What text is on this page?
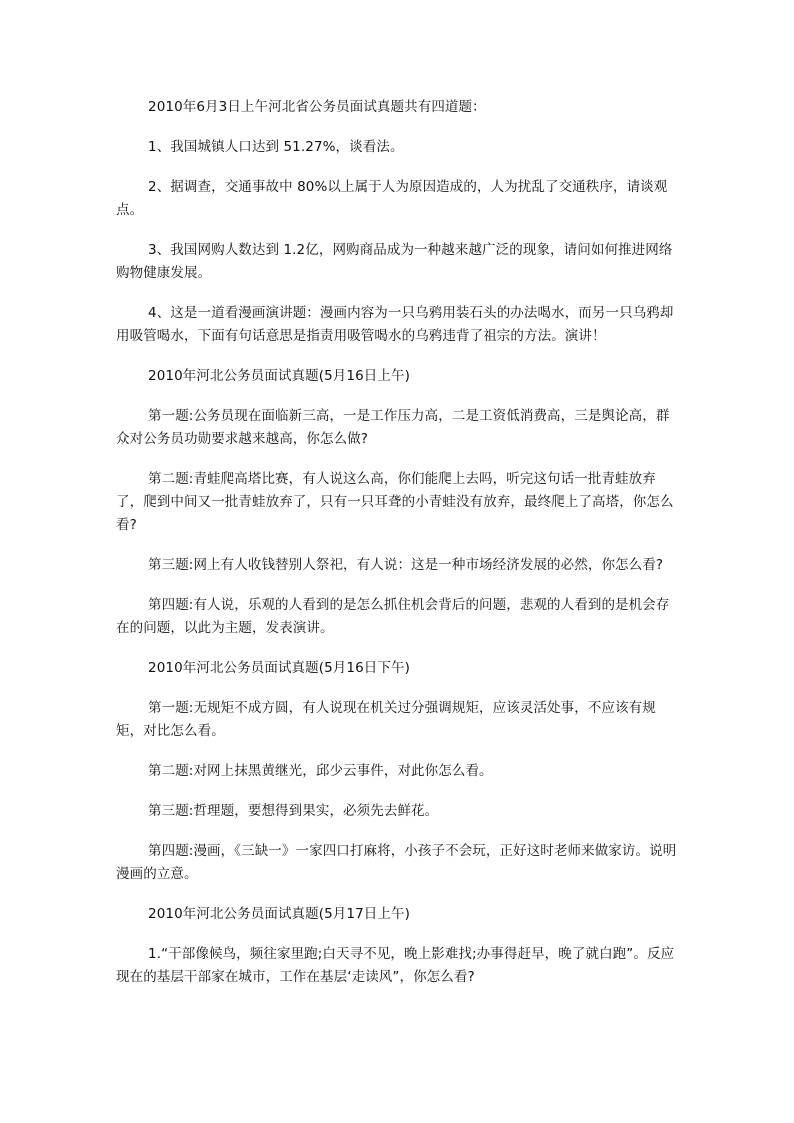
2010年6月3日上午河北省公务员面试真题共有四道题：

1、我国城镇人口达到 51.27%，谈看法。

2、据调查，交通事故中 80%以上属于人为原因造成的，人为扰乱了交通秩序，请谈观点。

3、我国网购人数达到 1.2亿，网购商品成为一种越来越广泛的现象，请问如何推进网络购物健康发展。

4、这是一道看漫画演讲题：漫画内容为一只乌鸦用装石头的办法喝水，而另一只乌鸦却用吸管喝水，下面有句话意思是指责用吸管喝水的乌鸦违背了祖宗的方法。演讲！

2010年河北公务员面试真题(5月16日上午)

第一题:公务员现在面临新三高，一是工作压力高，二是工资低消费高，三是舆论高，群众对公务员功勋要求越来越高，你怎么做?

第二题:青蛙爬高塔比赛，有人说这么高，你们能爬上去吗，听完这句话一批青蛙放弃了，爬到中间又一批青蛙放弃了，只有一只耳聋的小青蛙没有放弃，最终爬上了高塔，你怎么看?

第三题:网上有人收钱替别人祭祀，有人说：这是一种市场经济发展的必然，你怎么看?

第四题:有人说，乐观的人看到的是怎么抓住机会背后的问题，悲观的人看到的是机会存在的问题，以此为主题，发表演讲。

2010年河北公务员面试真题(5月16日下午)

第一题:无规矩不成方圆，有人说现在机关过分强调规矩，应该灵活处事，不应该有规矩，对比怎么看。

第二题:对网上抹黑黄继光，邱少云事件，对此你怎么看。

第三题:哲理题，要想得到果实，必须先去鲜花。

第四题:漫画，《三缺一》一家四口打麻将，小孩子不会玩，正好这时老师来做家访。说明漫画的立意。

2010年河北公务员面试真题(5月17日上午)

1.“干部像候鸟，频往家里跑;白天寻不见，晚上影难找;办事得赶早，晚了就白跑”。反应现在的基层干部家在城市，工作在基层‘走读风”，你怎么看?
